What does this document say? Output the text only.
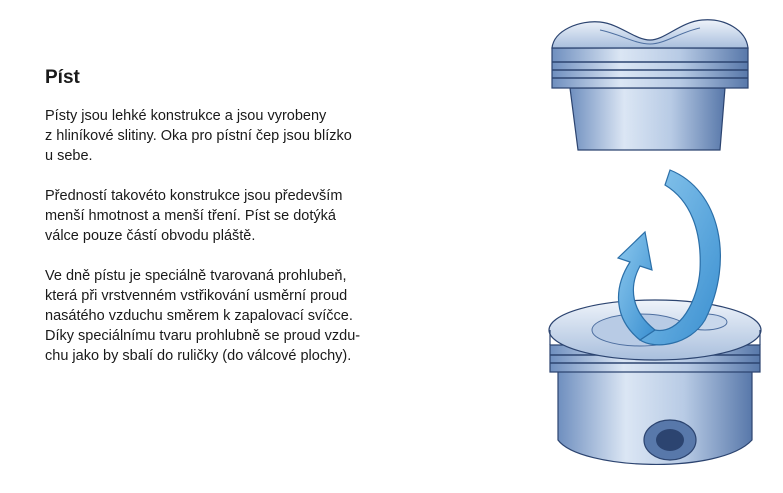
Píst

Písty jsou lehké konstrukce a jsou vyrobeny
z hliníkové slitiny. Oka pro pístní čep jsou blízko
u sebe.

Předností takovéto konstrukce jsou především
menší hmotnost a menší tření. Píst se dotýká
válce pouze částí obvodu pláště.

Ve dně pístu je speciálně tvarovaná prohlubeň,
která při vrstvenném vstřikování usměrní proud
nasátého vzduchu směrem k zapalovací svíčce.
Díky speciálnímu tvaru prohlubně se proud vzdu-
chu jako by sbalí do ruličky (do válcové plochy).
